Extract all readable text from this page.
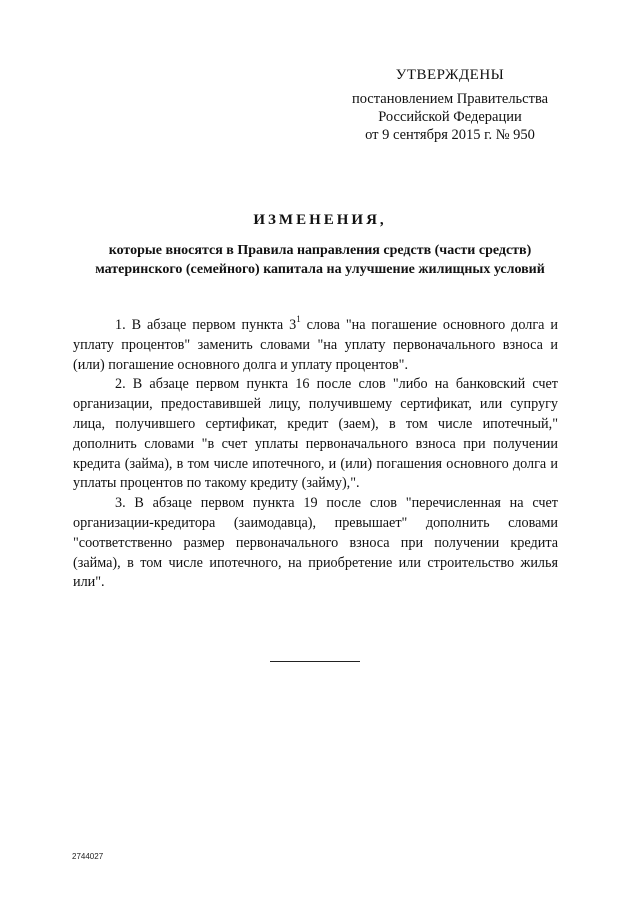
УТВЕРЖДЕНЫ
постановлением Правительства
Российской Федерации
от 9 сентября 2015 г. № 950
ИЗМЕНЕНИЯ,
которые вносятся в Правила направления средств (части средств)
материнского (семейного) капитала на улучшение жилищных условий

1. В абзаце первом пункта $3^1$ слова "на погашение основного долга и уплату процентов" заменить словами "на уплату первоначального взноса и (или) погашение основного долга и уплату процентов".

2. В абзаце первом пункта 16 после слов "либо на банковский счет организации, предоставившей лицу, получившему сертификат, или супругу лица, получившего сертификат, кредит (заем), в том числе ипотечный," дополнить словами "в счет уплаты первоначального взноса при получении кредита (займа), в том числе ипотечного, и (или) погашения основного долга и уплаты процентов по такому кредиту (займу),".

3. В абзаце первом пункта 19 после слов "перечисленная на счет организации-кредитора (заимодавца), превышает" дополнить словами "соответственно размер первоначального взноса при получении кредита (займа), в том числе ипотечного, на приобретение или строительство жилья или".

2744027
